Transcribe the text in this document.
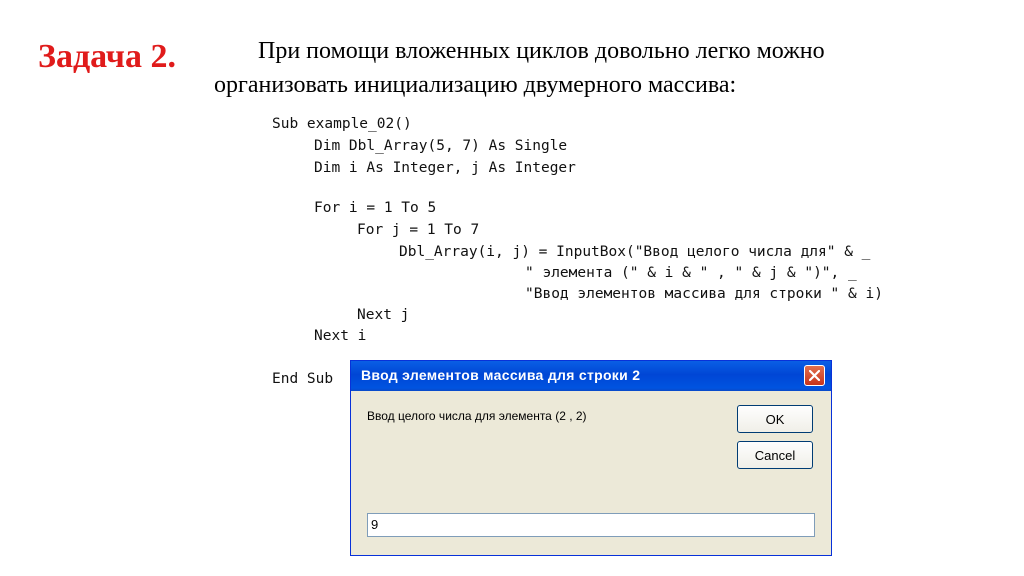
Задача 2.	При помощи вложенных циклов довольно легко можно
организовать инициализацию двумерного массива:
Sub example_02()
Dim Dbl_Array(5, 7) As Single
Dim i As Integer, j As Integer
For i = 1 To 5
For j = 1 To 7
Dbl_Array(i, j) = InputBox("Ввод целого числа для" & _
" элемента (" & i & " , " & j & ")", _
"Ввод элементов массива для строки " & i)
Next j
Next i
End Sub Ввод элементов массива для строки 2
Ввод целого числа для элемента (2 , 2)	OK
Cancel
9
